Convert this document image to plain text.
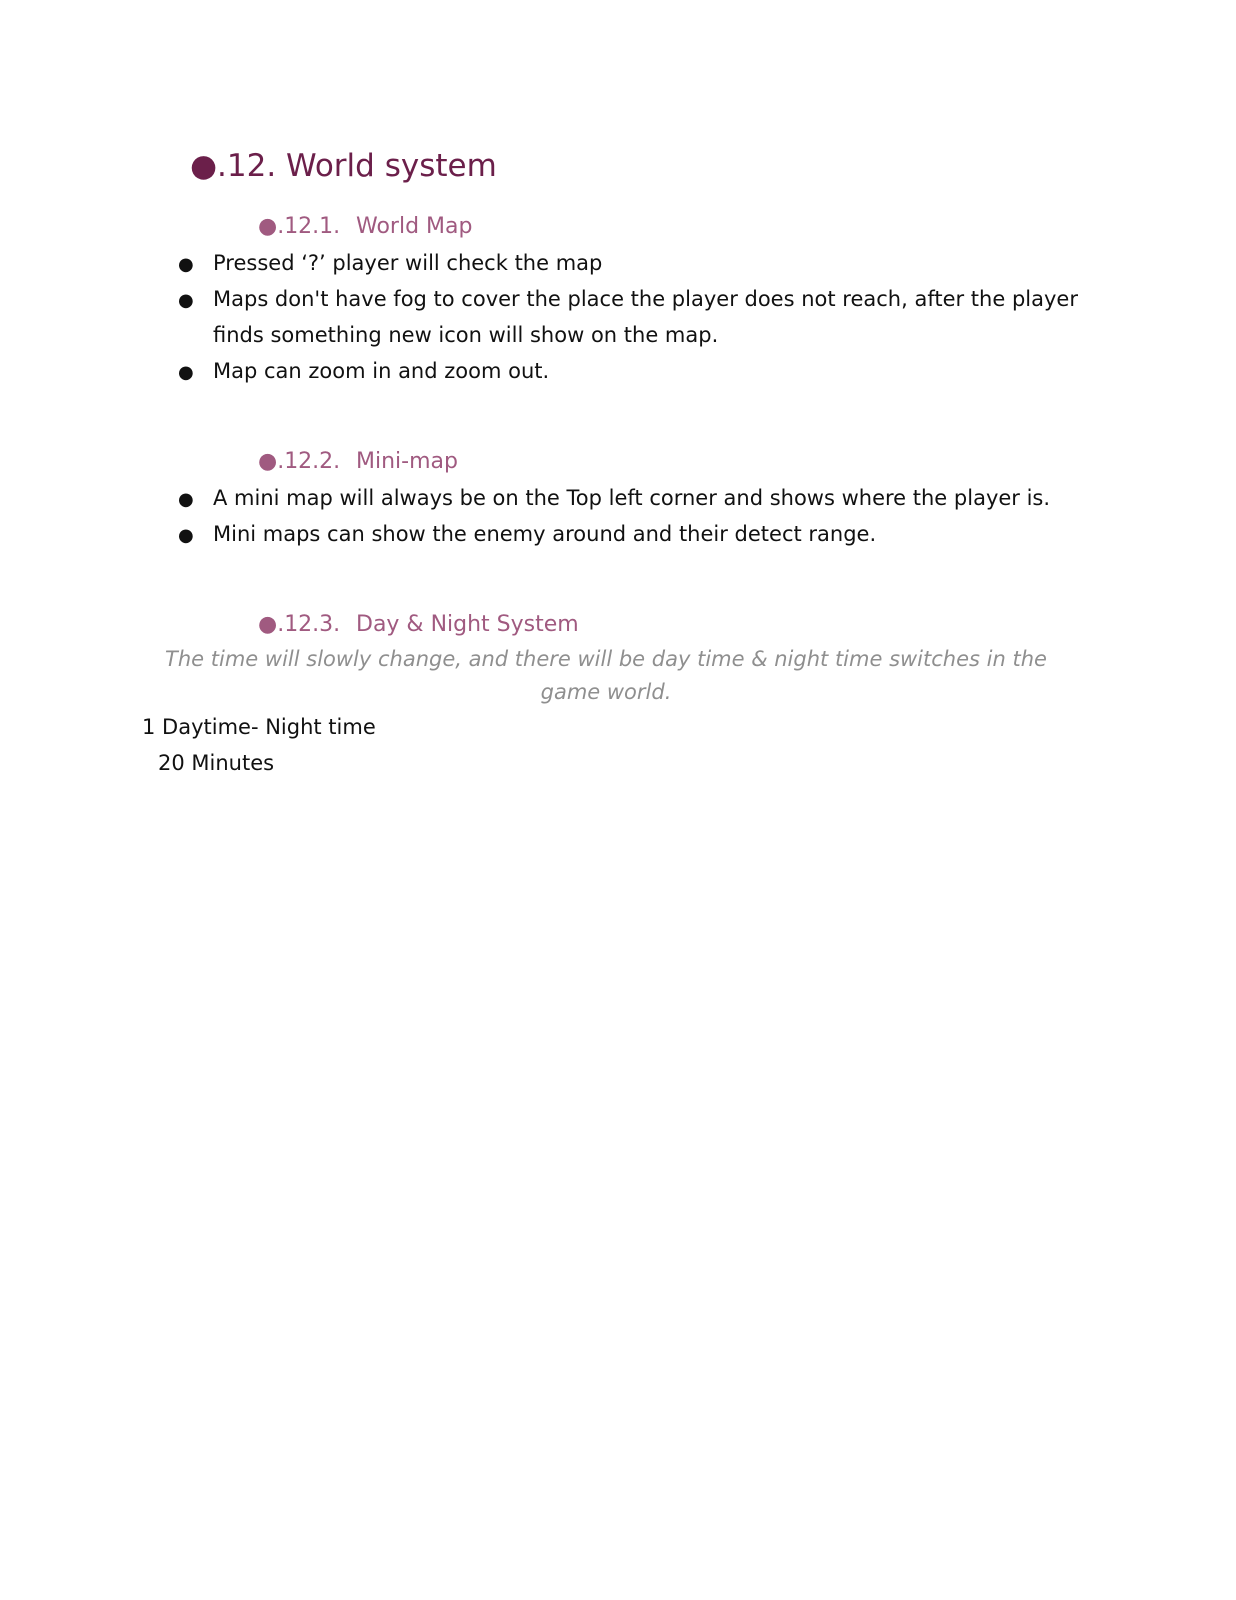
●.12. World system
●.12.1. World Map
● Pressed ‘?’ player will check the map
● Maps don't have fog to cover the place the player does not reach, after the player
finds something new icon will show on the map.
● Map can zoom in and zoom out.
●.12.2. Mini-map
● A mini map will always be on the Top left corner and shows where the player is.
● Mini maps can show the enemy around and their detect range.
●.12.3. Day & Night System
The time will slowly change, and there will be day time & night time switches in the game world.
1 Daytime- Night time
20 Minutes
